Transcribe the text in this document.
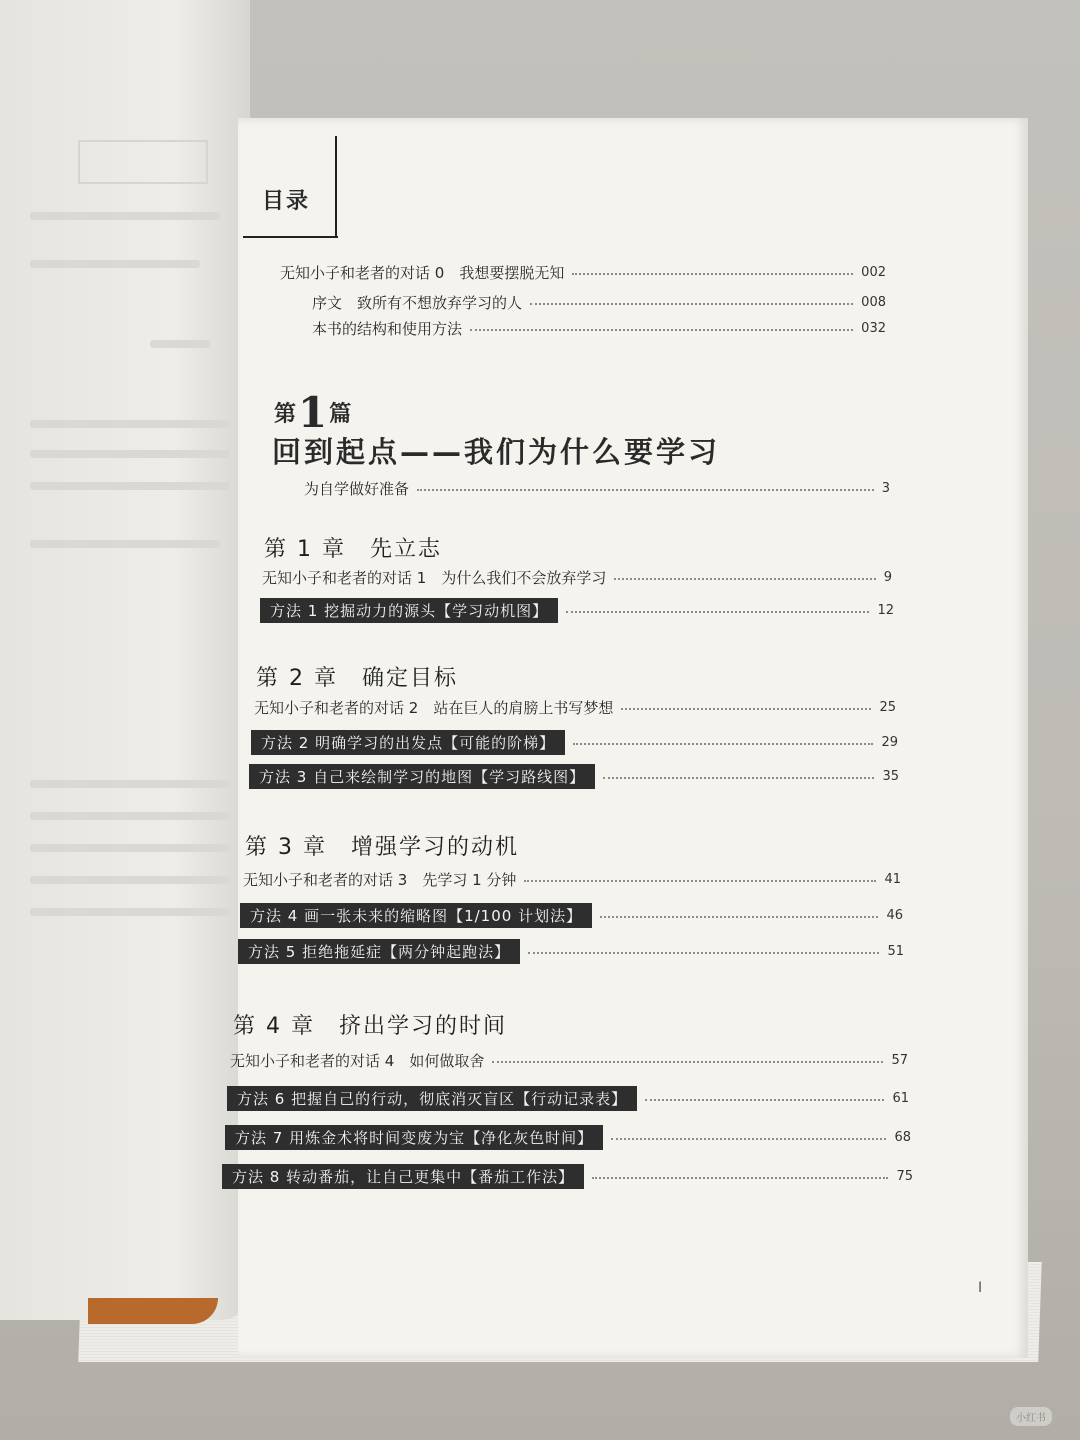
目录
无知小子和老者的对话 0　我想要摆脱无知	002
序文　致所有不想放弃学习的人	008
本书的结构和使用方法	032
第1篇
回到起点——我们为什么要学习
为自学做好准备	3
第 1 章　先立志
无知小子和老者的对话 1　为什么我们不会放弃学习	9
方法 1 挖掘动力的源头【学习动机图】	12
第 2 章　确定目标
无知小子和老者的对话 2　站在巨人的肩膀上书写梦想	25
方法 2 明确学习的出发点【可能的阶梯】	29
方法 3 自己来绘制学习的地图【学习路线图】	35
第 3 章　增强学习的动机
无知小子和老者的对话 3　先学习 1 分钟	41
方法 4 画一张未来的缩略图【1/100 计划法】	46
方法 5 拒绝拖延症【两分钟起跑法】	51
第 4 章　挤出学习的时间
无知小子和老者的对话 4　如何做取舍	57
方法 6 把握自己的行动，彻底消灭盲区【行动记录表】	61
方法 7 用炼金术将时间变废为宝【净化灰色时间】	68
方法 8 转动番茄，让自己更集中【番茄工作法】	75
I
小红书
